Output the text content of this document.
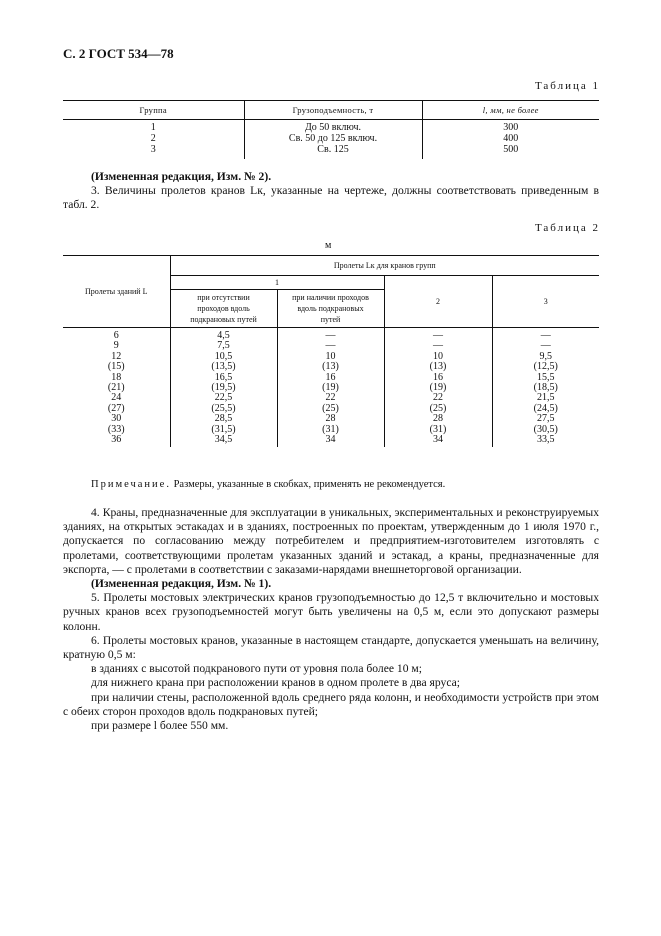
С. 2 ГОСТ 534—78
Таблица 1
Группа	Грузоподъемность, т	l, мм, не более
1	До 50 включ.	300
2	Св. 50 до 125 включ.	400
3	Св. 125	500

(Измененная редакция, Изм. № 2).

3. Величины пролетов кранов Lк, указанные на чертеже, должны соответствовать приведенным в табл. 2.

Таблица 2
м
Пролеты зданий L	Пролеты Lк для кранов групп			
	1		2	3
	при отсутствии проходов вдоль подкрановых путей	при наличии проходов вдоль подкрановых путей		
6	4,5	—	—	—
9	7,5	—	—	—
12	10,5	10	10	9,5
(15)	(13,5)	(13)	(13)	(12,5)
18	16,5	16	16	15,5
(21)	(19,5)	(19)	(19)	(18,5)
24	22,5	22	22	21,5
(27)	(25,5)	(25)	(25)	(24,5)
30	28,5	28	28	27,5
(33)	(31,5)	(31)	(31)	(30,5)
36	34,5	34	34	33,5

Примечание. Размеры, указанные в скобках, применять не рекомендуется.

4. Краны, предназначенные для эксплуатации в уникальных, экспериментальных и реконструируемых зданиях, на открытых эстакадах и в зданиях, построенных по проектам, утвержденным до 1 июля 1970 г., допускается по согласованию между потребителем и предприятием-изготовителем изготовлять с пролетами, соответствующими пролетам указанных зданий и эстакад, а краны, предназначенные для экспорта, — с пролетами в соответствии с заказами-нарядами внешнеторговой организации.

(Измененная редакция, Изм. № 1).

5. Пролеты мостовых электрических кранов грузоподъемностью до 12,5 т включительно и мостовых ручных кранов всех грузоподъемностей могут быть увеличены на 0,5 м, если это допускают размеры колонн.

6. Пролеты мостовых кранов, указанные в настоящем стандарте, допускается уменьшать на величину, кратную 0,5 м:

в зданиях с высотой подкранового пути от уровня пола более 10 м;

для нижнего крана при расположении кранов в одном пролете в два яруса;

при наличии стены, расположенной вдоль среднего ряда колонн, и необходимости устройств при этом с обеих сторон проходов вдоль подкрановых путей;

при размере l более 550 мм.
